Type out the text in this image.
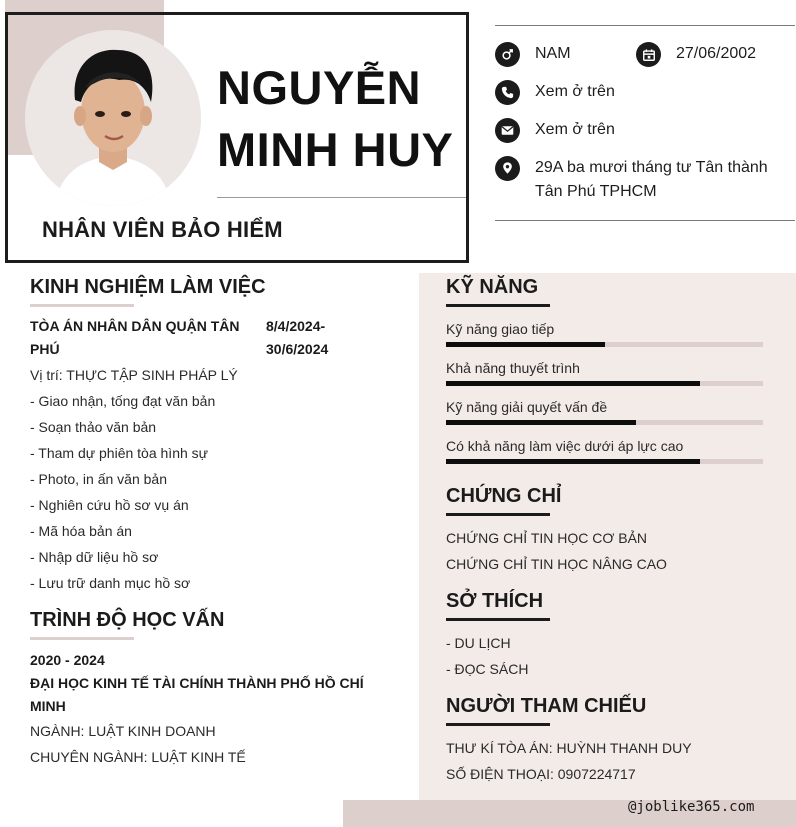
NGUYỄN
MINH HUY
NHÂN VIÊN BẢO HIỂM
NAM	27/06/2002
Xem ở trên
Xem ở trên
29A ba mươi tháng tư Tân thành
Tân Phú TPHCM
KINH NGHIỆM LÀM VIỆC
TÒA ÁN NHÂN DÂN QUẬN TÂN
PHÚ
8/4/2024-
30/6/2024
Vị trí: THỰC TẬP SINH PHÁP LÝ
- Giao nhận, tống đạt văn bản
- Soạn thảo văn bản
- Tham dự phiên tòa hình sự
- Photo, in ấn văn bản
- Nghiên cứu hồ sơ vụ án
- Mã hóa bản án
- Nhập dữ liệu hồ sơ
- Lưu trữ danh mục hồ sơ
TRÌNH ĐỘ HỌC VẤN
2020 - 2024
ĐẠI HỌC KINH TẾ TÀI CHÍNH THÀNH PHỐ HỒ CHÍ
MINH
NGÀNH: LUẬT KINH DOANH
CHUYÊN NGÀNH: LUẬT KINH TẾ
KỸ NĂNG
Kỹ năng giao tiếp
Khả năng thuyết trình
Kỹ năng giải quyết vấn đề
Có khả năng làm việc dưới áp lực cao
CHỨNG CHỈ
CHỨNG CHỈ TIN HỌC CƠ BẢN
CHỨNG CHỈ TIN HỌC NÂNG CAO
SỞ THÍCH
- DU LỊCH
- ĐỌC SÁCH
NGƯỜI THAM CHIẾU
THƯ KÍ TÒA ÁN: HUỲNH THANH DUY
SỐ ĐIỆN THOẠI: 0907224717
@joblike365.com
